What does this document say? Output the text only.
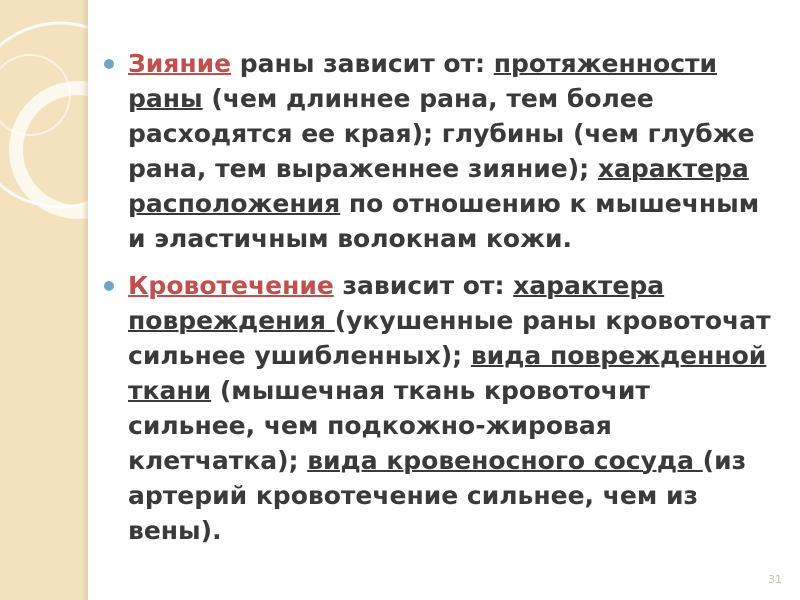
Зияние раны зависит от: протяженности раны (чем длиннее рана, тем более расходятся ее края); глубины (чем глубже рана, тем выраженнее зияние); характера расположения по отношению к мышечным и эластичным волокнам кожи.

Кровотечение зависит от: характера повреждения (укушенные раны кровоточат сильнее ушибленных); вида поврежденной ткани (мышечная ткань кровоточит сильнее, чем подкожно-жировая клетчатка); вида кровеносного сосуда (из артерий кровотечение сильнее, чем из вены).

31
